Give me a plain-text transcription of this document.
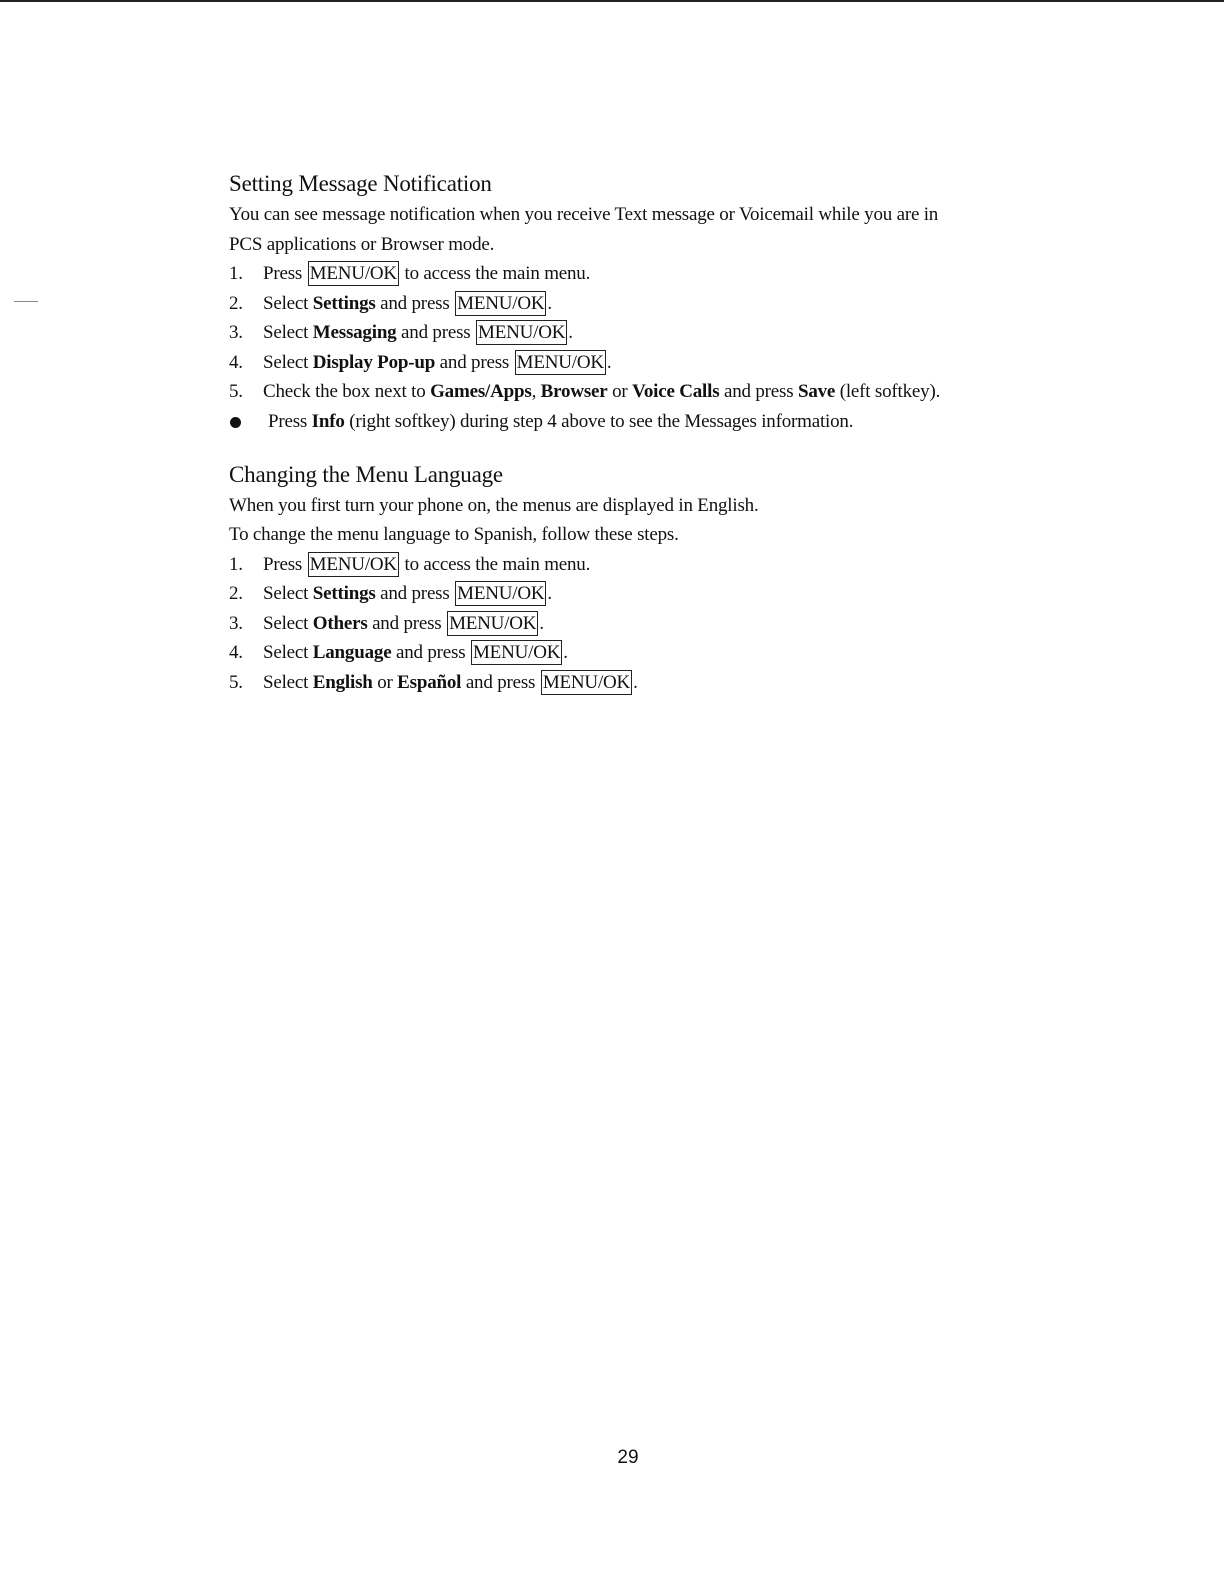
Setting Message Notification

You can see message notification when you receive Text message or Voicemail while you are in

PCS applications or Browser mode.

1. Press MENU/OK to access the main menu.
2. Select Settings and press MENU/OK .
3. Select Messaging and press MENU/OK .
4. Select Display Pop-up and press MENU/OK .
5. Check the box next to Games/Apps, Browser or Voice Calls and press Save (left softkey).
Press Info (right softkey) during step 4 above to see the Messages information.
Changing the Menu Language

When you first turn your phone on, the menus are displayed in English.

To change the menu language to Spanish, follow these steps.

1. Press MENU/OK to access the main menu.
2. Select Settings and press MENU/OK .
3. Select Others and press MENU/OK .
4. Select Language and press MENU/OK .
5. Select English or Español and press MENU/OK .
29
